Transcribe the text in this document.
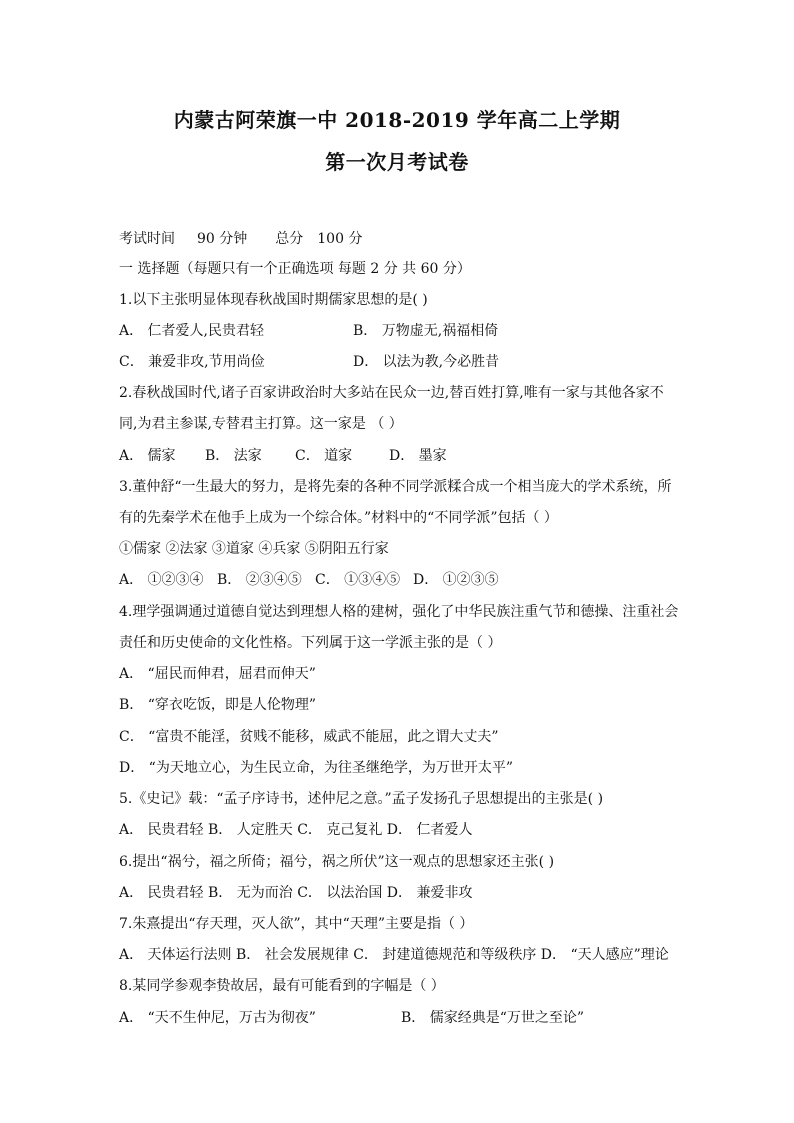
内蒙古阿荣旗一中 2018-2019 学年高二上学期
第一次月考试卷
考试时间 90 分钟 总分 100 分
一 选择题（每题只有一个正确选项 每题 2 分 共 60 分）
1.以下主张明显体现春秋战国时期儒家思想的是( )
A． 仁者爱人,民贵君轻	B． 万物虚无,祸福相倚
C． 兼爱非攻,节用尚俭	D． 以法为教,今必胜昔
2.春秋战国时代,诸子百家讲政治时大多站在民众一边,替百姓打算,唯有一家与其他各家不
同,为君主参谋,专替君主打算。这一家是 （ ）
A． 儒家 B． 法家 C． 道家	D． 墨家
3.董仲舒“一生最大的努力，是将先秦的各种不同学派糅合成一个相当庞大的学术系统，所
有的先秦学术在他手上成为一个综合体。”材料中的“不同学派”包括（ ）
①儒家 ②法家 ③道家 ④兵家 ⑤阴阳五行家
A． ①②③④ B． ②③④⑤ C． ①③④⑤ D． ①②③⑤
4.理学强调通过道德自觉达到理想人格的建树，强化了中华民族注重气节和德操、注重社会
责任和历史使命的文化性格。下列属于这一学派主张的是（ ）
A． “屈民而伸君，屈君而伸天”
B． “穿衣吃饭，即是人伦物理”
C． “富贵不能淫，贫贱不能移，威武不能屈，此之谓大丈夫”
D． “为天地立心，为生民立命，为往圣继绝学，为万世开太平”
5.《史记》载：“孟子序诗书，述仲尼之意。”孟子发扬孔子思想提出的主张是( )
A． 民贵君轻 B． 人定胜天 C． 克己复礼 D． 仁者爱人
6.提出“祸兮，福之所倚；福兮，祸之所伏”这一观点的思想家还主张( )
A． 民贵君轻 B． 无为而治 C． 以法治国 D． 兼爱非攻
7.朱熹提出“存天理，灭人欲”，其中“天理”主要是指（ ）
A． 天体运行法则 B． 社会发展规律 C． 封建道德规范和等级秩序 D． “天人感应”理论
8.某同学参观李贽故居，最有可能看到的字幅是（ ）
A． “天不生仲尼，万古为彻夜”	B． 儒家经典是“万世之至论”
